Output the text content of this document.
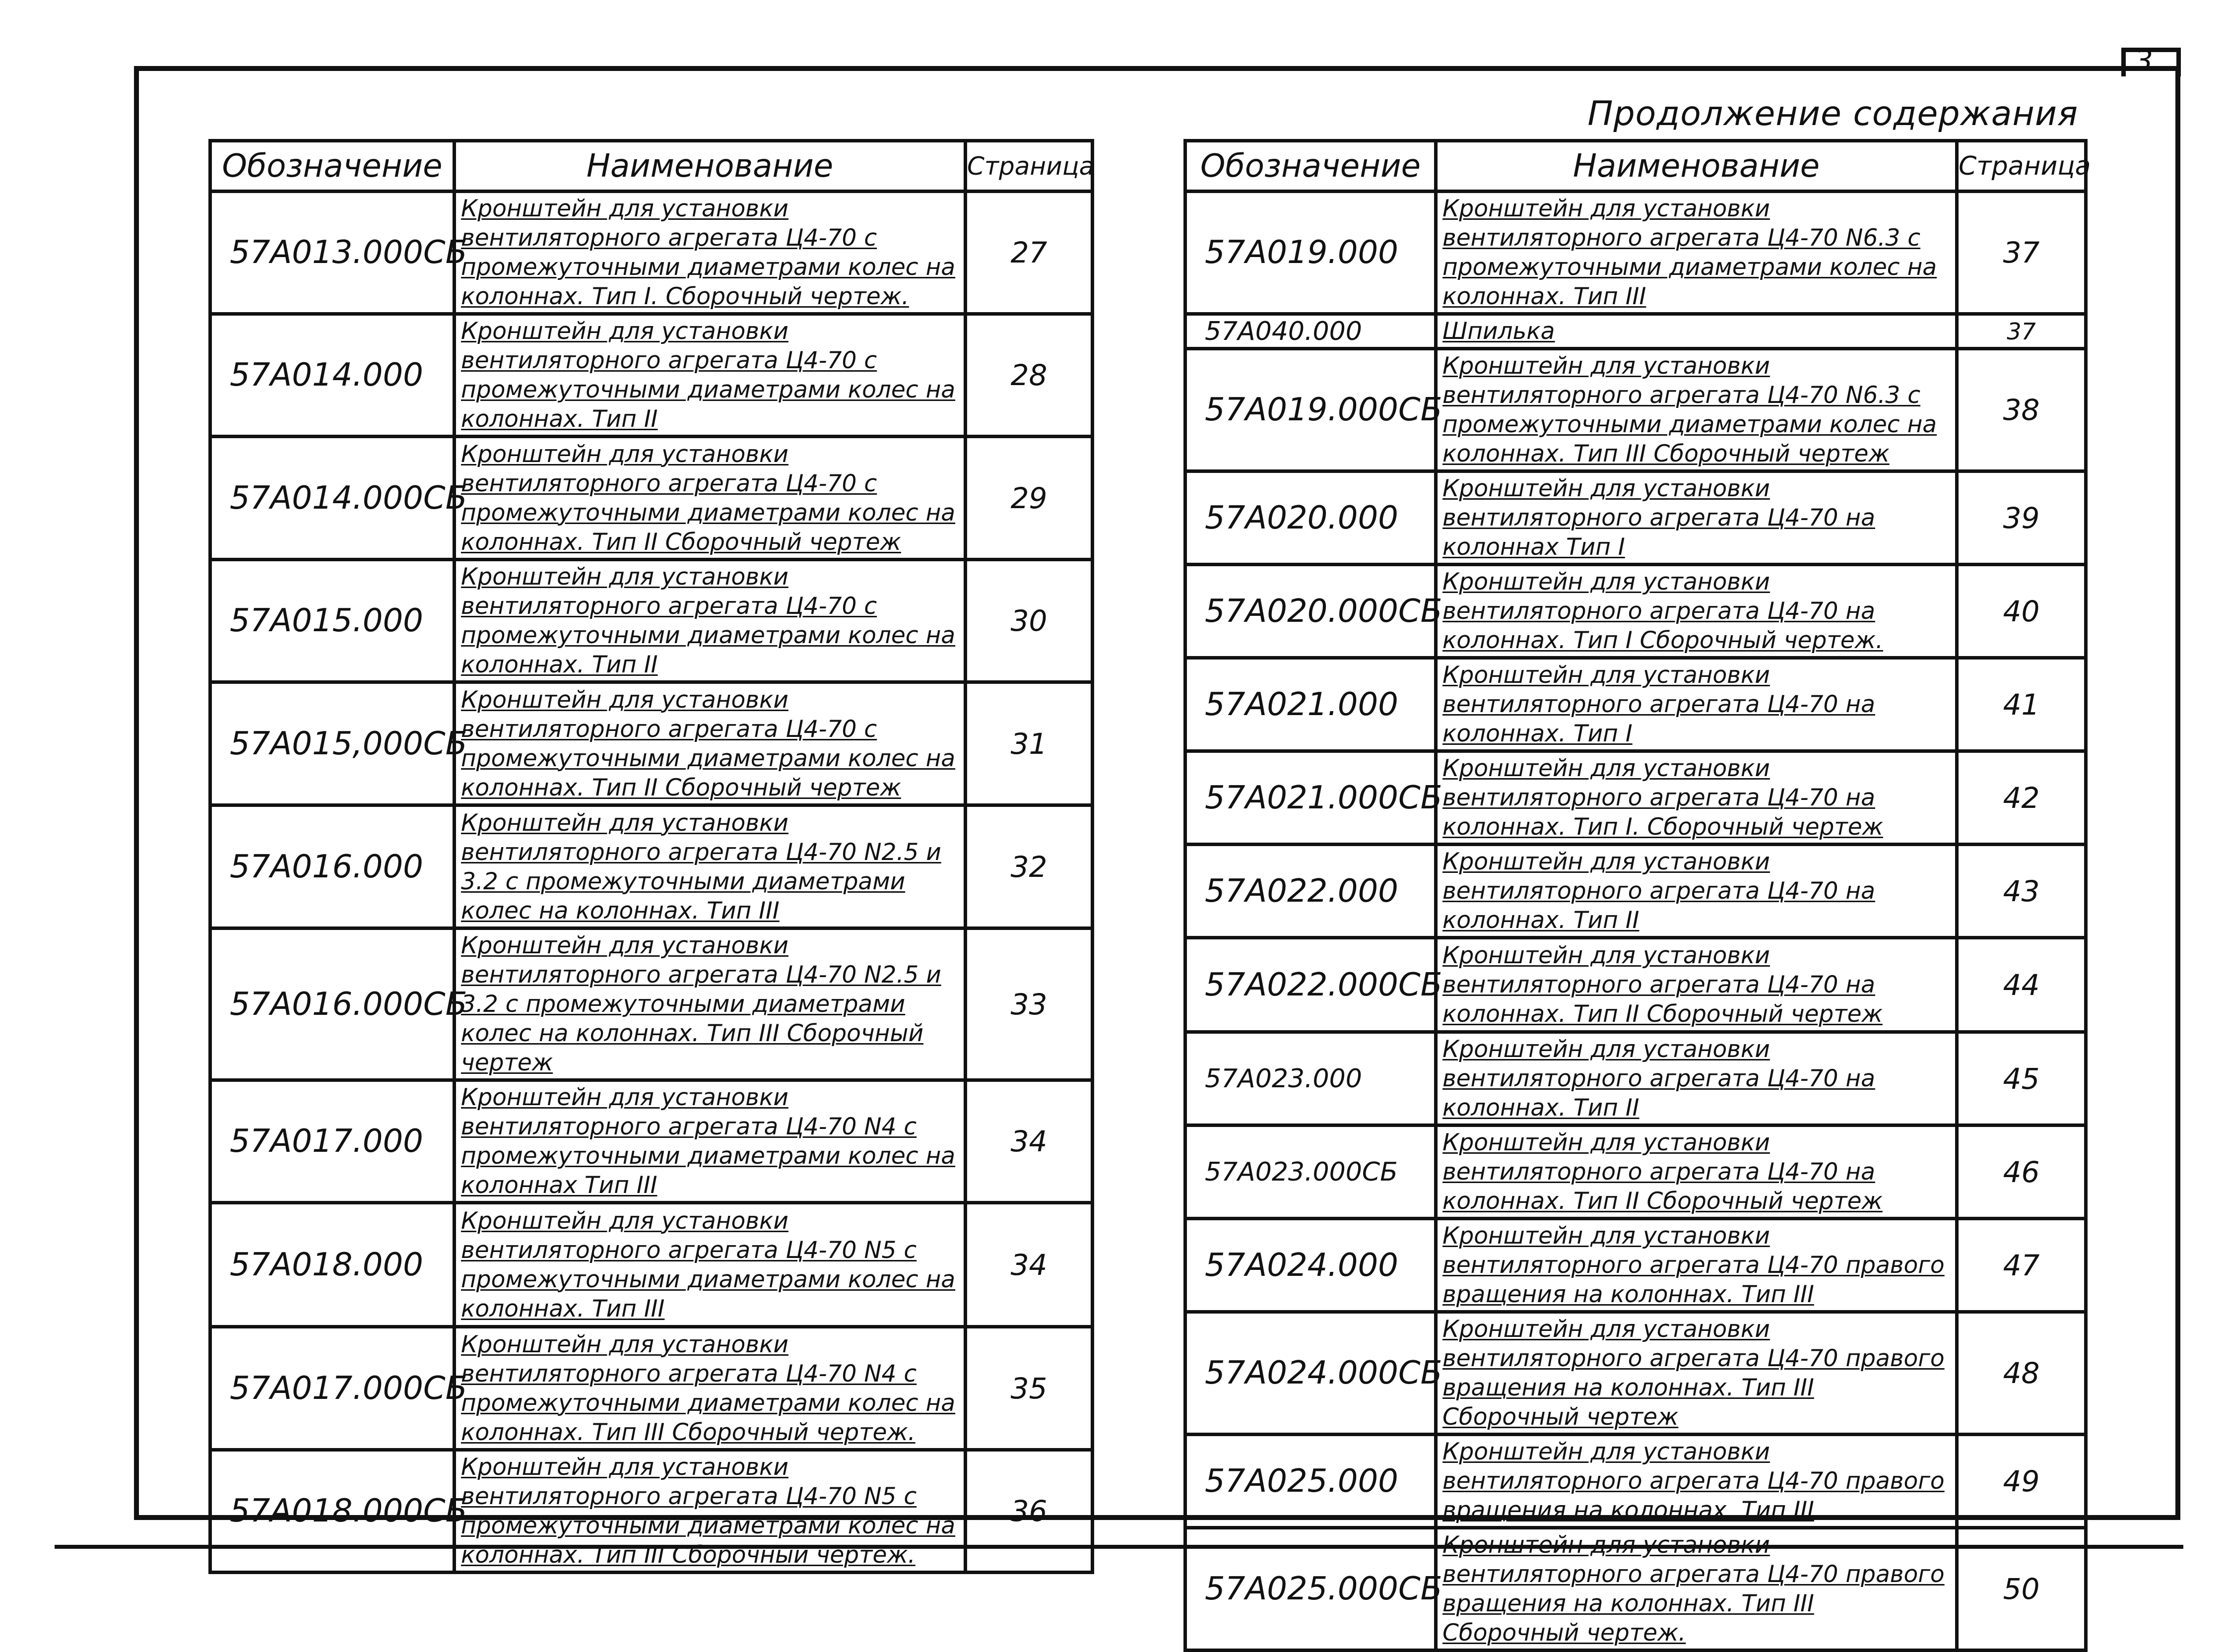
3
Продолжение содержания
Обозначение	Наименование	Страница
57А013.000СБ	Кронштейн для установки вентиляторного агрегата Ц4-70 с промежуточными диаметрами колес на колоннах. Тип I. Сборочный чертеж.	27
57А014.000	Кронштейн для установки вентиляторного агрегата Ц4-70 с промежуточными диаметрами колес на колоннах. Тип II	28
57А014.000СБ	Кронштейн для установки вентиляторного агрегата Ц4-70 с промежуточными диаметрами колес на колоннах. Тип II Сборочный чертеж	29
57А015.000	Кронштейн для установки вентиляторного агрегата Ц4-70 с промежуточными диаметрами колес на колоннах. Тип II	30
57А015,000СБ	Кронштейн для установки вентиляторного агрегата Ц4-70 с промежуточными диаметрами колес на колоннах. Тип II Сборочный чертеж	31
57А016.000	Кронштейн для установки вентиляторного агрегата Ц4-70 N2.5 и 3.2 с промежуточными диаметрами колес на колоннах. Тип III	32
57А016.000СБ	Кронштейн для установки вентиляторного агрегата Ц4-70 N2.5 и 3.2 с промежуточными диаметрами колес на колоннах. Тип III Сборочный чертеж	33
57А017.000	Кронштейн для установки вентиляторного агрегата Ц4-70 N4 с промежуточными диаметрами колес на колоннах Тип III	34
57А018.000	Кронштейн для установки вентиляторного агрегата Ц4-70 N5 с промежуточными диаметрами колес на колоннах. Тип III	34
57А017.000СБ	Кронштейн для установки вентиляторного агрегата Ц4-70 N4 с промежуточными диаметрами колес на колоннах. Тип III Сборочный чертеж.	35
57А018.000СБ	Кронштейн для установки вентиляторного агрегата Ц4-70 N5 с промежуточными диаметрами колес на колоннах. Тип III Сборочный чертеж.	36
Обозначение	Наименование	Страница
57А019.000	Кронштейн для установки вентиляторного агрегата Ц4-70 N6.3 с промежуточными диаметрами колес на колоннах. Тип III	37
57А040.000	Шпилька	37
57А019.000СБ	Кронштейн для установки вентиляторного агрегата Ц4-70 N6.3 с промежуточными диаметрами колес на колоннах. Тип III Сборочный чертеж	38
57А020.000	Кронштейн для установки вентиляторного агрегата Ц4-70 на колоннах Тип I	39
57А020.000СБ	Кронштейн для установки вентиляторного агрегата Ц4-70 на колоннах. Тип I Сборочный чертеж.	40
57А021.000	Кронштейн для установки вентиляторного агрегата Ц4-70 на колоннах. Тип I	41
57А021.000СБ	Кронштейн для установки вентиляторного агрегата Ц4-70 на колоннах. Тип I. Сборочный чертеж	42
57А022.000	Кронштейн для установки вентиляторного агрегата Ц4-70 на колоннах. Тип II	43
57А022.000СБ	Кронштейн для установки вентиляторного агрегата Ц4-70 на колоннах. Тип II Сборочный чертеж	44
57А023.000	Кронштейн для установки вентиляторного агрегата Ц4-70 на колоннах. Тип II	45
57А023.000СБ	Кронштейн для установки вентиляторного агрегата Ц4-70 на колоннах. Тип II Сборочный чертеж	46
57А024.000	Кронштейн для установки вентиляторного агрегата Ц4-70 правого вращения на колоннах. Тип III	47
57А024.000СБ	Кронштейн для установки вентиляторного агрегата Ц4-70 правого вращения на колоннах. Тип III Сборочный чертеж	48
57А025.000	Кронштейн для установки вентиляторного агрегата Ц4-70 правого вращения на колоннах. Тип III	49
57А025.000СБ	Кронштейн для установки вентиляторного агрегата Ц4-70 правого вращения на колоннах. Тип III Сборочный чертеж.	50
